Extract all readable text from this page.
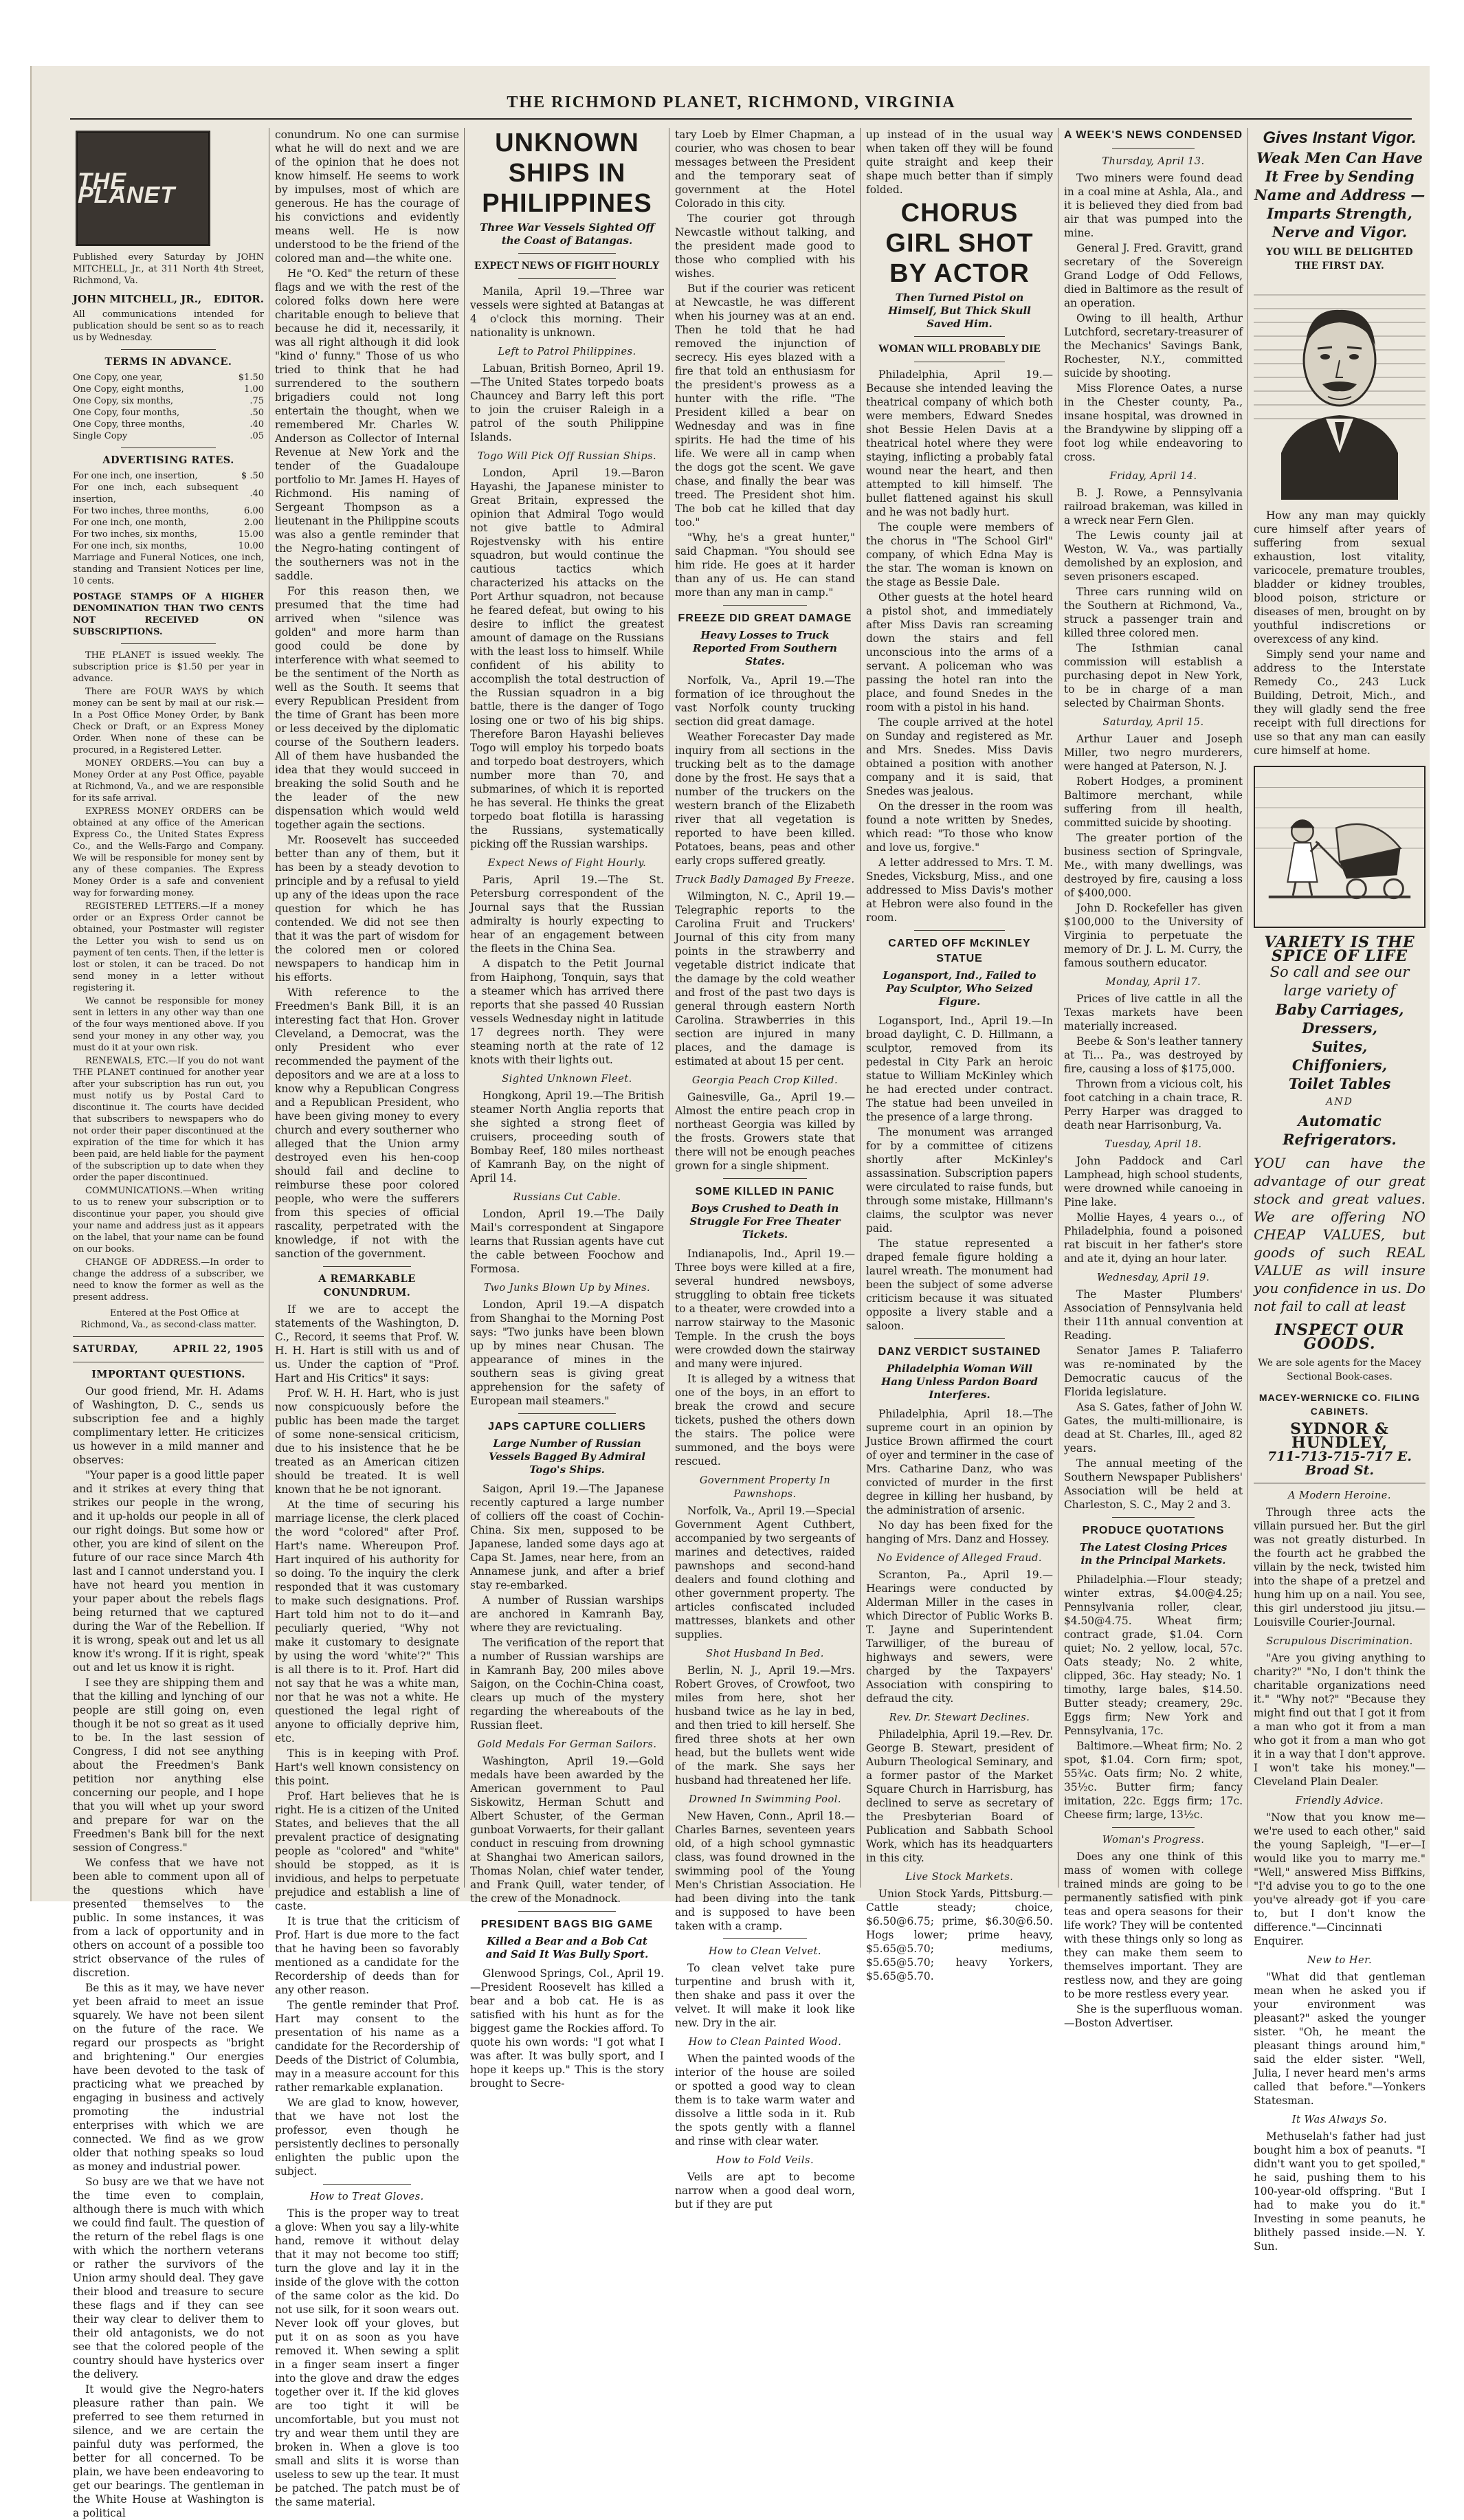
THE RICHMOND PLANET, RICHMOND, VIRGINIA
THE PLANET
Published every Saturday by JOHN MITCHELL, Jr., at 311 North 4th Street, Richmond, Va.
JOHN MITCHELL, JR., EDITOR.
All communications intended for publication should be sent so as to reach us by Wednesday.
TERMS IN ADVANCE.
One Copy, one year,	$1.50
One Copy, eight months,	1.00
One Copy, six months,	.75
One Copy, four months,	.50
One Copy, three months,	.40
Single Copy	.05
ADVERTISING RATES.
For one inch, one insertion,	$ .50
For one inch, each subsequent insertion,	.40
For two inches, three months,	6.00
For one inch, one month,	2.00
For two inches, six months,	15.00
For one inch, six months,	10.00
Marriage and Funeral Notices, one inch, standing and Transient Notices per line, 10 cents.
POSTAGE STAMPS OF A HIGHER DENOMINATION THAN TWO CENTS NOT RECEIVED ON SUBSCRIPTIONS.

THE PLANET is issued weekly. The subscription price is $1.50 per year in advance.

There are FOUR WAYS by which money can be sent by mail at our risk.—In a Post Office Money Order, by Bank Check or Draft, or an Express Money Order. When none of these can be procured, in a Registered Letter.

MONEY ORDERS.—You can buy a Money Order at any Post Office, payable at Richmond, Va., and we are responsible for its safe arrival.

EXPRESS MONEY ORDERS can be obtained at any office of the American Express Co., the United States Express Co., and the Wells-Fargo and Company. We will be responsible for money sent by any of these companies. The Express Money Order is a safe and convenient way for forwarding money.

REGISTERED LETTERS.—If a money order or an Express Order cannot be obtained, your Postmaster will register the Letter you wish to send us on payment of ten cents. Then, if the letter is lost or stolen, it can be traced. Do not send money in a letter without registering it.

We cannot be responsible for money sent in letters in any other way than one of the four ways mentioned above. If you send your money in any other way, you must do it at your own risk.

RENEWALS, ETC.—If you do not want THE PLANET continued for another year after your subscription has run out, you must notify us by Postal Card to discontinue it. The courts have decided that subscribers to newspapers who do not order their paper discontinued at the expiration of the time for which it has been paid, are held liable for the payment of the subscription up to date when they order the paper discontinued.

COMMUNICATIONS.—When writing to us to renew your subscription or to discontinue your paper, you should give your name and address just as it appears on the label, that your name can be found on our books.

CHANGE OF ADDRESS.—In order to change the address of a subscriber, we need to know the former as well as the present address.

Entered at the Post Office at Richmond, Va., as second-class matter.

SATURDAY,	APRIL 22, 1905
IMPORTANT QUESTIONS.

Our good friend, Mr. H. Adams of Washington, D. C., sends us subscription fee and a highly complimentary letter. He criticizes us however in a mild manner and observes:

"Your paper is a good little paper and it strikes at every thing that strikes our people in the wrong, and it up-holds our people in all of our right doings. But some how or other, you are kind of silent on the future of our race since March 4th last and I cannot understand you. I have not heard you mention in your paper about the rebels flags being returned that we captured during the War of the Rebellion. If it is wrong, speak out and let us all know it's wrong. If it is right, speak out and let us know it is right.

I see they are shipping them and that the killing and lynching of our people are still going on, even though it be not so great as it used to be. In the last session of Congress, I did not see anything about the Freedmen's Bank petition nor anything else concerning our people, and I hope that you will whet up your sword and prepare for war on the Freedmen's Bank bill for the next session of Congress."

We confess that we have not been able to comment upon all of the questions which have presented themselves to the public. In some instances, it was from a lack of opportunity and in others on account of a possible too strict observance of the rules of discretion.

Be this as it may, we have never yet been afraid to meet an issue squarely. We have not been silent on the future of the race. We regard our prospects as "bright and brightening." Our energies have been devoted to the task of practicing what we preached by engaging in business and actively promoting the industrial enterprises with which we are connected. We find as we grow older that nothing speaks so loud as money and industrial power.

So busy are we that we have not the time even to complain, although there is much with which we could find fault. The question of the return of the rebel flags is one with which the northern veterans or rather the survivors of the Union army should deal. They gave their blood and treasure to secure these flags and if they can see their way clear to deliver them to their old antagonists, we do not see that the colored people of the country should have hysterics over the delivery.

It would give the Negro-haters pleasure rather than pain. We preferred to see them returned in silence, and we are certain the painful duty was performed, the better for all concerned. To be plain, we have been endeavoring to get our bearings. The gentleman in the White House at Washington is a political

conundrum. No one can surmise what he will do next and we are of the opinion that he does not know himself. He seems to work by impulses, most of which are generous. He has the courage of his convictions and evidently means well. He is now understood to be the friend of the colored man and—the white one.

He "O. Ked" the return of these flags and we with the rest of the colored folks down here were charitable enough to believe that because he did it, necessarily, it was all right although it did look "kind o' funny." Those of us who tried to think that he had surrendered to the southern brigadiers could not long entertain the thought, when we remembered Mr. Charles W. Anderson as Collector of Internal Revenue at New York and the tender of the Guadaloupe portfolio to Mr. James H. Hayes of Richmond. His naming of Sergeant Thompson as a lieutenant in the Philippine scouts was also a gentle reminder that the Negro-hating contingent of the southerners was not in the saddle.

For this reason then, we presumed that the time had arrived when "silence was golden" and more harm than good could be done by interference with what seemed to be the sentiment of the North as well as the South. It seems that every Republican President from the time of Grant has been more or less deceived by the diplomatic course of the Southern leaders. All of them have husbanded the idea that they would succeed in breaking the solid South and he the leader of the new dispensation which would weld together again the sections.

Mr. Roosevelt has succeeded better than any of them, but it has been by a steady devotion to principle and by a refusal to yield up any of the ideas upon the race question for which he has contended. We did not see then that it was the part of wisdom for the colored men or colored newspapers to handicap him in his efforts.

With reference to the Freedmen's Bank Bill, it is an interesting fact that Hon. Grover Cleveland, a Democrat, was the only President who ever recommended the payment of the depositors and we are at a loss to know why a Republican Congress and a Republican President, who have been giving money to every church and every southerner who alleged that the Union army destroyed even his hen-coop should fail and decline to reimburse these poor colored people, who were the sufferers from this species of official rascality, perpetrated with the knowledge, if not with the sanction of the government.

A REMARKABLE CONUNDRUM.

If we are to accept the statements of the Washington, D. C., Record, it seems that Prof. W. H. H. Hart is still with us and of us. Under the caption of "Prof. Hart and His Critics" it says:

Prof. W. H. H. Hart, who is just now conspicuously before the public has been made the target of some none-sensical criticism, due to his insistence that he be treated as an American citizen should be treated. It is well known that he be not ignorant.

At the time of securing his marriage license, the clerk placed the word "colored" after Prof. Hart's name. Whereupon Prof. Hart inquired of his authority for so doing. To the inquiry the clerk responded that it was customary to make such designations. Prof. Hart told him not to do it—and peculiarly queried, "Why not make it customary to designate by using the word 'white'?" This is all there is to it. Prof. Hart did not say that he was a white man, nor that he was not a white. He questioned the legal right of anyone to officially deprive him, etc.

This is in keeping with Prof. Hart's well known consistency on this point.

Prof. Hart believes that he is right. He is a citizen of the United States, and believes that the all prevalent practice of designating people as "colored" and "white" should be stopped, as it is invidious, and helps to perpetuate prejudice and establish a line of caste.

It is true that the criticism of Prof. Hart is due more to the fact that he having been so favorably mentioned as a candidate for the Recordership of deeds than for any other reason.

The gentle reminder that Prof. Hart may consent to the presentation of his name as a candidate for the Recordership of Deeds of the District of Columbia, may in a measure account for this rather remarkable explanation.

We are glad to know, however, that we have not lost the professor, even though he persistently declines to personally enlighten the public upon the subject.

How to Treat Gloves.

This is the proper way to treat a glove: When you say a lily-white hand, remove it without delay that it may not become too stiff; turn the glove and lay it in the inside of the glove with the cotton of the same color as the kid. Do not use silk, for it soon wears out. Never look off your gloves, but put it on as soon as you have removed it. When sewing a split in a finger seam insert a finger into the glove and draw the edges together over it. If the kid gloves are too tight it will be uncomfortable, but you must not try and wear them until they are broken in. When a glove is too small and slits it is worse than useless to sew up the tear. It must be patched. The patch must be of the same material.

UNKNOWN SHIPS IN PHILIPPINES
Three War Vessels Sighted Off the Coast of Batangas.
EXPECT NEWS OF FIGHT HOURLY

Manila, April 19.—Three war vessels were sighted at Batangas at 4 o'clock this morning. Their nationality is unknown.

Left to Patrol Philippines.

Labuan, British Borneo, April 19.—The United States torpedo boats Chauncey and Barry left this port to join the cruiser Raleigh in a patrol of the south Philippine Islands.

Togo Will Pick Off Russian Ships.

London, April 19.—Baron Hayashi, the Japanese minister to Great Britain, expressed the opinion that Admiral Togo would not give battle to Admiral Rojestvensky with his entire squadron, but would continue the cautious tactics which characterized his attacks on the Port Arthur squadron, not because he feared defeat, but owing to his desire to inflict the greatest amount of damage on the Russians with the least loss to himself. While confident of his ability to accomplish the total destruction of the Russian squadron in a big battle, there is the danger of Togo losing one or two of his big ships. Therefore Baron Hayashi believes Togo will employ his torpedo boats and torpedo boat destroyers, which number more than 70, and submarines, of which it is reported he has several. He thinks the great torpedo boat flotilla is harassing the Russians, systematically picking off the Russian warships.

Expect News of Fight Hourly.

Paris, April 19.—The St. Petersburg correspondent of the Journal says that the Russian admiralty is hourly expecting to hear of an engagement between the fleets in the China Sea.

A dispatch to the Petit Journal from Haiphong, Tonquin, says that a steamer which has arrived there reports that she passed 40 Russian vessels Wednesday night in latitude 17 degrees north. They were steaming north at the rate of 12 knots with their lights out.

Sighted Unknown Fleet.

Hongkong, April 19.—The British steamer North Anglia reports that she sighted a strong fleet of cruisers, proceeding south of Bombay Reef, 180 miles northeast of Kamranh Bay, on the night of April 14.

Russians Cut Cable.

London, April 19.—The Daily Mail's correspondent at Singapore learns that Russian agents have cut the cable between Foochow and Formosa.

Two Junks Blown Up by Mines.

London, April 19.—A dispatch from Shanghai to the Morning Post says: "Two junks have been blown up by mines near Chusan. The appearance of mines in the southern seas is giving great apprehension for the safety of European mail steamers."

JAPS CAPTURE COLLIERS
Large Number of Russian Vessels Bagged By Admiral Togo's Ships.

Saigon, April 19.—The Japanese recently captured a large number of colliers off the coast of Cochin-China. Six men, supposed to be Japanese, landed some days ago at Capa St. James, near here, from an Annamese junk, and after a brief stay re-embarked.

A number of Russian warships are anchored in Kamranh Bay, where they are revictualing.

The verification of the report that a number of Russian warships are in Kamranh Bay, 200 miles above Saigon, on the Cochin-China coast, clears up much of the mystery regarding the whereabouts of the Russian fleet.

Gold Medals For German Sailors.

Washington, April 19.—Gold medals have been awarded by the American government to Paul Siskowitz, Herman Schutt and Albert Schuster, of the German gunboat Vorwaerts, for their gallant conduct in rescuing from drowning at Shanghai two American sailors, Thomas Nolan, chief water tender, and Frank Quill, water tender, of the crew of the Monadnock.

PRESIDENT BAGS BIG GAME
Killed a Bear and a Bob Cat and Said It Was Bully Sport.

Glenwood Springs, Col., April 19.—President Roosevelt has killed a bear and a bob cat. He is as satisfied with his hunt as for the biggest game the Rockies afford. To quote his own words: "I got what I was after. It was bully sport, and I hope it keeps up." This is the story brought to Secre-

tary Loeb by Elmer Chapman, a courier, who was chosen to bear messages between the President and the temporary seat of government at the Hotel Colorado in this city.

The courier got through Newcastle without talking, and the president made good to those who complied with his wishes.

But if the courier was reticent at Newcastle, he was different when his journey was at an end. Then he told that he had removed the injunction of secrecy. His eyes blazed with a fire that told an enthusiasm for the president's prowess as a hunter with the rifle. "The President killed a bear on Wednesday and was in fine spirits. He had the time of his life. We were all in camp when the dogs got the scent. We gave chase, and finally the bear was treed. The President shot him. The bob cat he killed that day too."

"Why, he's a great hunter," said Chapman. "You should see him ride. He goes at it harder than any of us. He can stand more than any man in camp."

FREEZE DID GREAT DAMAGE
Heavy Losses to Truck Reported From Southern States.

Norfolk, Va., April 19.—The formation of ice throughout the vast Norfolk county trucking section did great damage.

Weather Forecaster Day made inquiry from all sections in the trucking belt as to the damage done by the frost. He says that a number of the truckers on the western branch of the Elizabeth river that all vegetation is reported to have been killed. Potatoes, beans, peas and other early crops suffered greatly.

Truck Badly Damaged By Freeze.

Wilmington, N. C., April 19.—Telegraphic reports to the Carolina Fruit and Truckers' Journal of this city from many points in the strawberry and vegetable district indicate that the damage by the cold weather and frost of the past two days is general through eastern North Carolina. Strawberries in this section are injured in many places, and the damage is estimated at about 15 per cent.

Georgia Peach Crop Killed.

Gainesville, Ga., April 19.—Almost the entire peach crop in northeast Georgia was killed by the frosts. Growers state that there will not be enough peaches grown for a single shipment.

SOME KILLED IN PANIC
Boys Crushed to Death in Struggle For Free Theater Tickets.

Indianapolis, Ind., April 19.—Three boys were killed at a fire, several hundred newsboys, struggling to obtain free tickets to a theater, were crowded into a narrow stairway to the Masonic Temple. In the crush the boys were crowded down the stairway and many were injured.

It is alleged by a witness that one of the boys, in an effort to break the crowd and secure tickets, pushed the others down the stairs. The police were summoned, and the boys were rescued.

Government Property In Pawnshops.

Norfolk, Va., April 19.—Special Government Agent Cuthbert, accompanied by two sergeants of marines and detectives, raided pawnshops and second-hand dealers and found clothing and other government property. The articles confiscated included mattresses, blankets and other supplies.

Shot Husband In Bed.

Berlin, N. J., April 19.—Mrs. Robert Groves, of Crowfoot, two miles from here, shot her husband twice as he lay in bed, and then tried to kill herself. She fired three shots at her own head, but the bullets went wide of the mark. She says her husband had threatened her life.

Drowned In Swimming Pool.

New Haven, Conn., April 18.—Charles Barnes, seventeen years old, of a high school gymnastic class, was found drowned in the swimming pool of the Young Men's Christian Association. He had been diving into the tank and is supposed to have been taken with a cramp.

How to Clean Velvet.

To clean velvet take pure turpentine and brush with it, then shake and pass it over the velvet. It will make it look like new. Dry in the air.

How to Clean Painted Wood.

When the painted woods of the interior of the house are soiled or spotted a good way to clean them is to take warm water and dissolve a little soda in it. Rub the spots gently with a flannel and rinse with clear water.

How to Fold Veils.

Veils are apt to become narrow when a good deal worn, but if they are put

up instead of in the usual way when taken off they will be found quite straight and keep their shape much better than if simply folded.

CHORUS GIRL SHOT BY ACTOR
Then Turned Pistol on Himself, But Thick Skull Saved Him.
WOMAN WILL PROBABLY DIE

Philadelphia, April 19.—Because she intended leaving the theatrical company of which both were members, Edward Snedes shot Bessie Helen Davis at a theatrical hotel where they were staying, inflicting a probably fatal wound near the heart, and then attempted to kill himself. The bullet flattened against his skull and he was not badly hurt.

The couple were members of the chorus in "The School Girl" company, of which Edna May is the star. The woman is known on the stage as Bessie Dale.

Other guests at the hotel heard a pistol shot, and immediately after Miss Davis ran screaming down the stairs and fell unconscious into the arms of a servant. A policeman who was passing the hotel ran into the place, and found Snedes in the room with a pistol in his hand.

The couple arrived at the hotel on Sunday and registered as Mr. and Mrs. Snedes. Miss Davis obtained a position with another company and it is said, that Snedes was jealous.

On the dresser in the room was found a note written by Snedes, which read: "To those who know and love us, forgive."

A letter addressed to Mrs. T. M. Snedes, Vicksburg, Miss., and one addressed to Miss Davis's mother at Hebron were also found in the room.

CARTED OFF McKINLEY STATUE
Logansport, Ind., Failed to Pay Sculptor, Who Seized Figure.

Logansport, Ind., April 19.—In broad daylight, C. D. Hillmann, a sculptor, removed from its pedestal in City Park an heroic statue to William McKinley which he had erected under contract. The statue had been unveiled in the presence of a large throng.

The monument was arranged for by a committee of citizens shortly after McKinley's assassination. Subscription papers were circulated to raise funds, but through some mistake, Hillmann's claims, the sculptor was never paid.

The statue represented a draped female figure holding a laurel wreath. The monument had been the subject of some adverse criticism because it was situated opposite a livery stable and a saloon.

DANZ VERDICT SUSTAINED
Philadelphia Woman Will Hang Unless Pardon Board Interferes.

Philadelphia, April 18.—The supreme court in an opinion by Justice Brown affirmed the court of oyer and terminer in the case of Mrs. Catharine Danz, who was convicted of murder in the first degree in killing her husband, by the administration of arsenic.

No day has been fixed for the hanging of Mrs. Danz and Hossey.

No Evidence of Alleged Fraud.

Scranton, Pa., April 19.—Hearings were conducted by Alderman Miller in the cases in which Director of Public Works B. T. Jayne and Superintendent Tarwilliger, of the bureau of highways and sewers, were charged by the Taxpayers' Association with conspiring to defraud the city.

Rev. Dr. Stewart Declines.

Philadelphia, April 19.—Rev. Dr. George B. Stewart, president of Auburn Theological Seminary, and a former pastor of the Market Square Church in Harrisburg, has declined to serve as secretary of the Presbyterian Board of Publication and Sabbath School Work, which has its headquarters in this city.

Live Stock Markets.

Union Stock Yards, Pittsburg.—Cattle steady; choice, $6.50@6.75; prime, $6.30@6.50. Hogs lower; prime heavy, $5.65@5.70; mediums, $5.65@5.70; heavy Yorkers, $5.65@5.70.

A WEEK'S NEWS CONDENSED
Thursday, April 13.

Two miners were found dead in a coal mine at Ashla, Ala., and it is believed they died from bad air that was pumped into the mine.

General J. Fred. Gravitt, grand secretary of the Sovereign Grand Lodge of Odd Fellows, died in Baltimore as the result of an operation.

Owing to ill health, Arthur Lutchford, secretary-treasurer of the Mechanics' Savings Bank, Rochester, N.Y., committed suicide by shooting.

Miss Florence Oates, a nurse in the Chester county, Pa., insane hospital, was drowned in the Brandywine by slipping off a foot log while endeavoring to cross.

Friday, April 14.

B. J. Rowe, a Pennsylvania railroad brakeman, was killed in a wreck near Fern Glen.

The Lewis county jail at Weston, W. Va., was partially demolished by an explosion, and seven prisoners escaped.

Three cars running wild on the Southern at Richmond, Va., struck a passenger train and killed three colored men.

The Isthmian canal commission will establish a purchasing depot in New York, to be in charge of a man selected by Chairman Shonts.

Saturday, April 15.

Arthur Lauer and Joseph Miller, two negro murderers, were hanged at Paterson, N. J.

Robert Hodges, a prominent Baltimore merchant, while suffering from ill health, committed suicide by shooting.

The greater portion of the business section of Springvale, Me., with many dwellings, was destroyed by fire, causing a loss of $400,000.

John D. Rockefeller has given $100,000 to the University of Virginia to perpetuate the memory of Dr. J. L. M. Curry, the famous southern educator.

Monday, April 17.

Prices of live cattle in all the Texas markets have been materially increased.

Beebe & Son's leather tannery at Ti... Pa., was destroyed by fire, causing a loss of $175,000.

Thrown from a vicious colt, his foot catching in a chain trace, R. Perry Harper was dragged to death near Harrisonburg, Va.

Tuesday, April 18.

John Paddock and Carl Lamphead, high school students, were drowned while canoeing in Pine lake.

Mollie Hayes, 4 years o.., of Philadelphia, found a poisoned rat biscuit in her father's store and ate it, dying an hour later.

Wednesday, April 19.

The Master Plumbers' Association of Pennsylvania held their 11th annual convention at Reading.

Senator James P. Taliaferro was re-nominated by the Democratic caucus of the Florida legislature.

Asa S. Gates, father of John W. Gates, the multi-millionaire, is dead at St. Charles, Ill., aged 82 years.

The annual meeting of the Southern Newspaper Publishers' Association will be held at Charleston, S. C., May 2 and 3.

PRODUCE QUOTATIONS
The Latest Closing Prices in the Principal Markets.

Philadelphia.—Flour steady; winter extras, $4.00@4.25; Pennsylvania roller, clear, $4.50@4.75. Wheat firm; contract grade, $1.04. Corn quiet; No. 2 yellow, local, 57c. Oats steady; No. 2 white, clipped, 36c. Hay steady; No. 1 timothy, large bales, $14.50. Butter steady; creamery, 29c. Eggs firm; New York and Pennsylvania, 17c.

Baltimore.—Wheat firm; No. 2 spot, $1.04. Corn firm; spot, 55¾c. Oats firm; No. 2 white, 35½c. Butter firm; fancy imitation, 22c. Eggs firm; 17c. Cheese firm; large, 13½c.

Woman's Progress.

Does any one think of this mass of women with college trained minds are going to be permanently satisfied with pink teas and opera seasons for their life work? They will be contented with these things only so long as they can make them seem to themselves important. They are restless now, and they are going to be more restless every year.

She is the superfluous woman.—Boston Advertiser.

Gives Instant Vigor.
Weak Men Can Have It Free by Sending Name and Address — Imparts Strength, Nerve and Vigor.
YOU WILL BE DELIGHTED THE FIRST DAY.

How any man may quickly cure himself after years of suffering from sexual exhaustion, lost vitality, varicocele, premature troubles, bladder or kidney troubles, blood poison, stricture or diseases of men, brought on by youthful indiscretions or overexcess of any kind.

Simply send your name and address to the Interstate Remedy Co., 243 Luck Building, Detroit, Mich., and they will gladly send the free receipt with full directions for use so that any man can easily cure himself at home.

VARIETY IS THE SPICE OF LIFE
So call and see our large variety of
Baby Carriages,
Dressers,
Suites,
Chiffoniers,
Toilet Tables
AND
Automatic Refrigerators.
YOU can have the advantage of our great stock and great values. We are offering NO CHEAP VALUES, but goods of such REAL VALUE as will insure you confidence in us. Do not fail to call at least
INSPECT OUR GOODS.
We are sole agents for the Macey Sectional Book-cases.
MACEY-WERNICKE CO. FILING CABINETS.
SYDNOR & HUNDLEY,
711-713-715-717 E. Broad St.
A Modern Heroine.

Through three acts the villain pursued her. But the girl was not greatly disturbed. In the fourth act he grabbed the villain by the neck, twisted him into the shape of a pretzel and hung him up on a nail. You see, this girl understood jiu jitsu.—Louisville Courier-Journal.

Scrupulous Discrimination.

"Are you giving anything to charity?" "No, I don't think the charitable organizations need it." "Why not?" "Because they might find out that I got it from a man who got it from a man who got it from a man who got it in a way that I don't approve. I won't take his money."—Cleveland Plain Dealer.

Friendly Advice.

"Now that you know me—we're used to each other," said the young Sapleigh, "I—er—I would like you to marry me." "Well," answered Miss Biffkins, "I'd advise you to go to the one you've already got if you care to, but I don't know the difference."—Cincinnati Enquirer.

New to Her.

"What did that gentleman mean when he asked you if your environment was pleasant?" asked the younger sister. "Oh, he meant the pleasant things around him," said the elder sister. "Well, Julia, I never heard men's arms called that before."—Yonkers Statesman.

It Was Always So.

Methuselah's father had just bought him a box of peanuts. "I didn't want you to get spoiled," he said, pushing them to his 100-year-old offspring. "But I had to make you do it." Investing in some peanuts, he blithely passed inside.—N. Y. Sun.
